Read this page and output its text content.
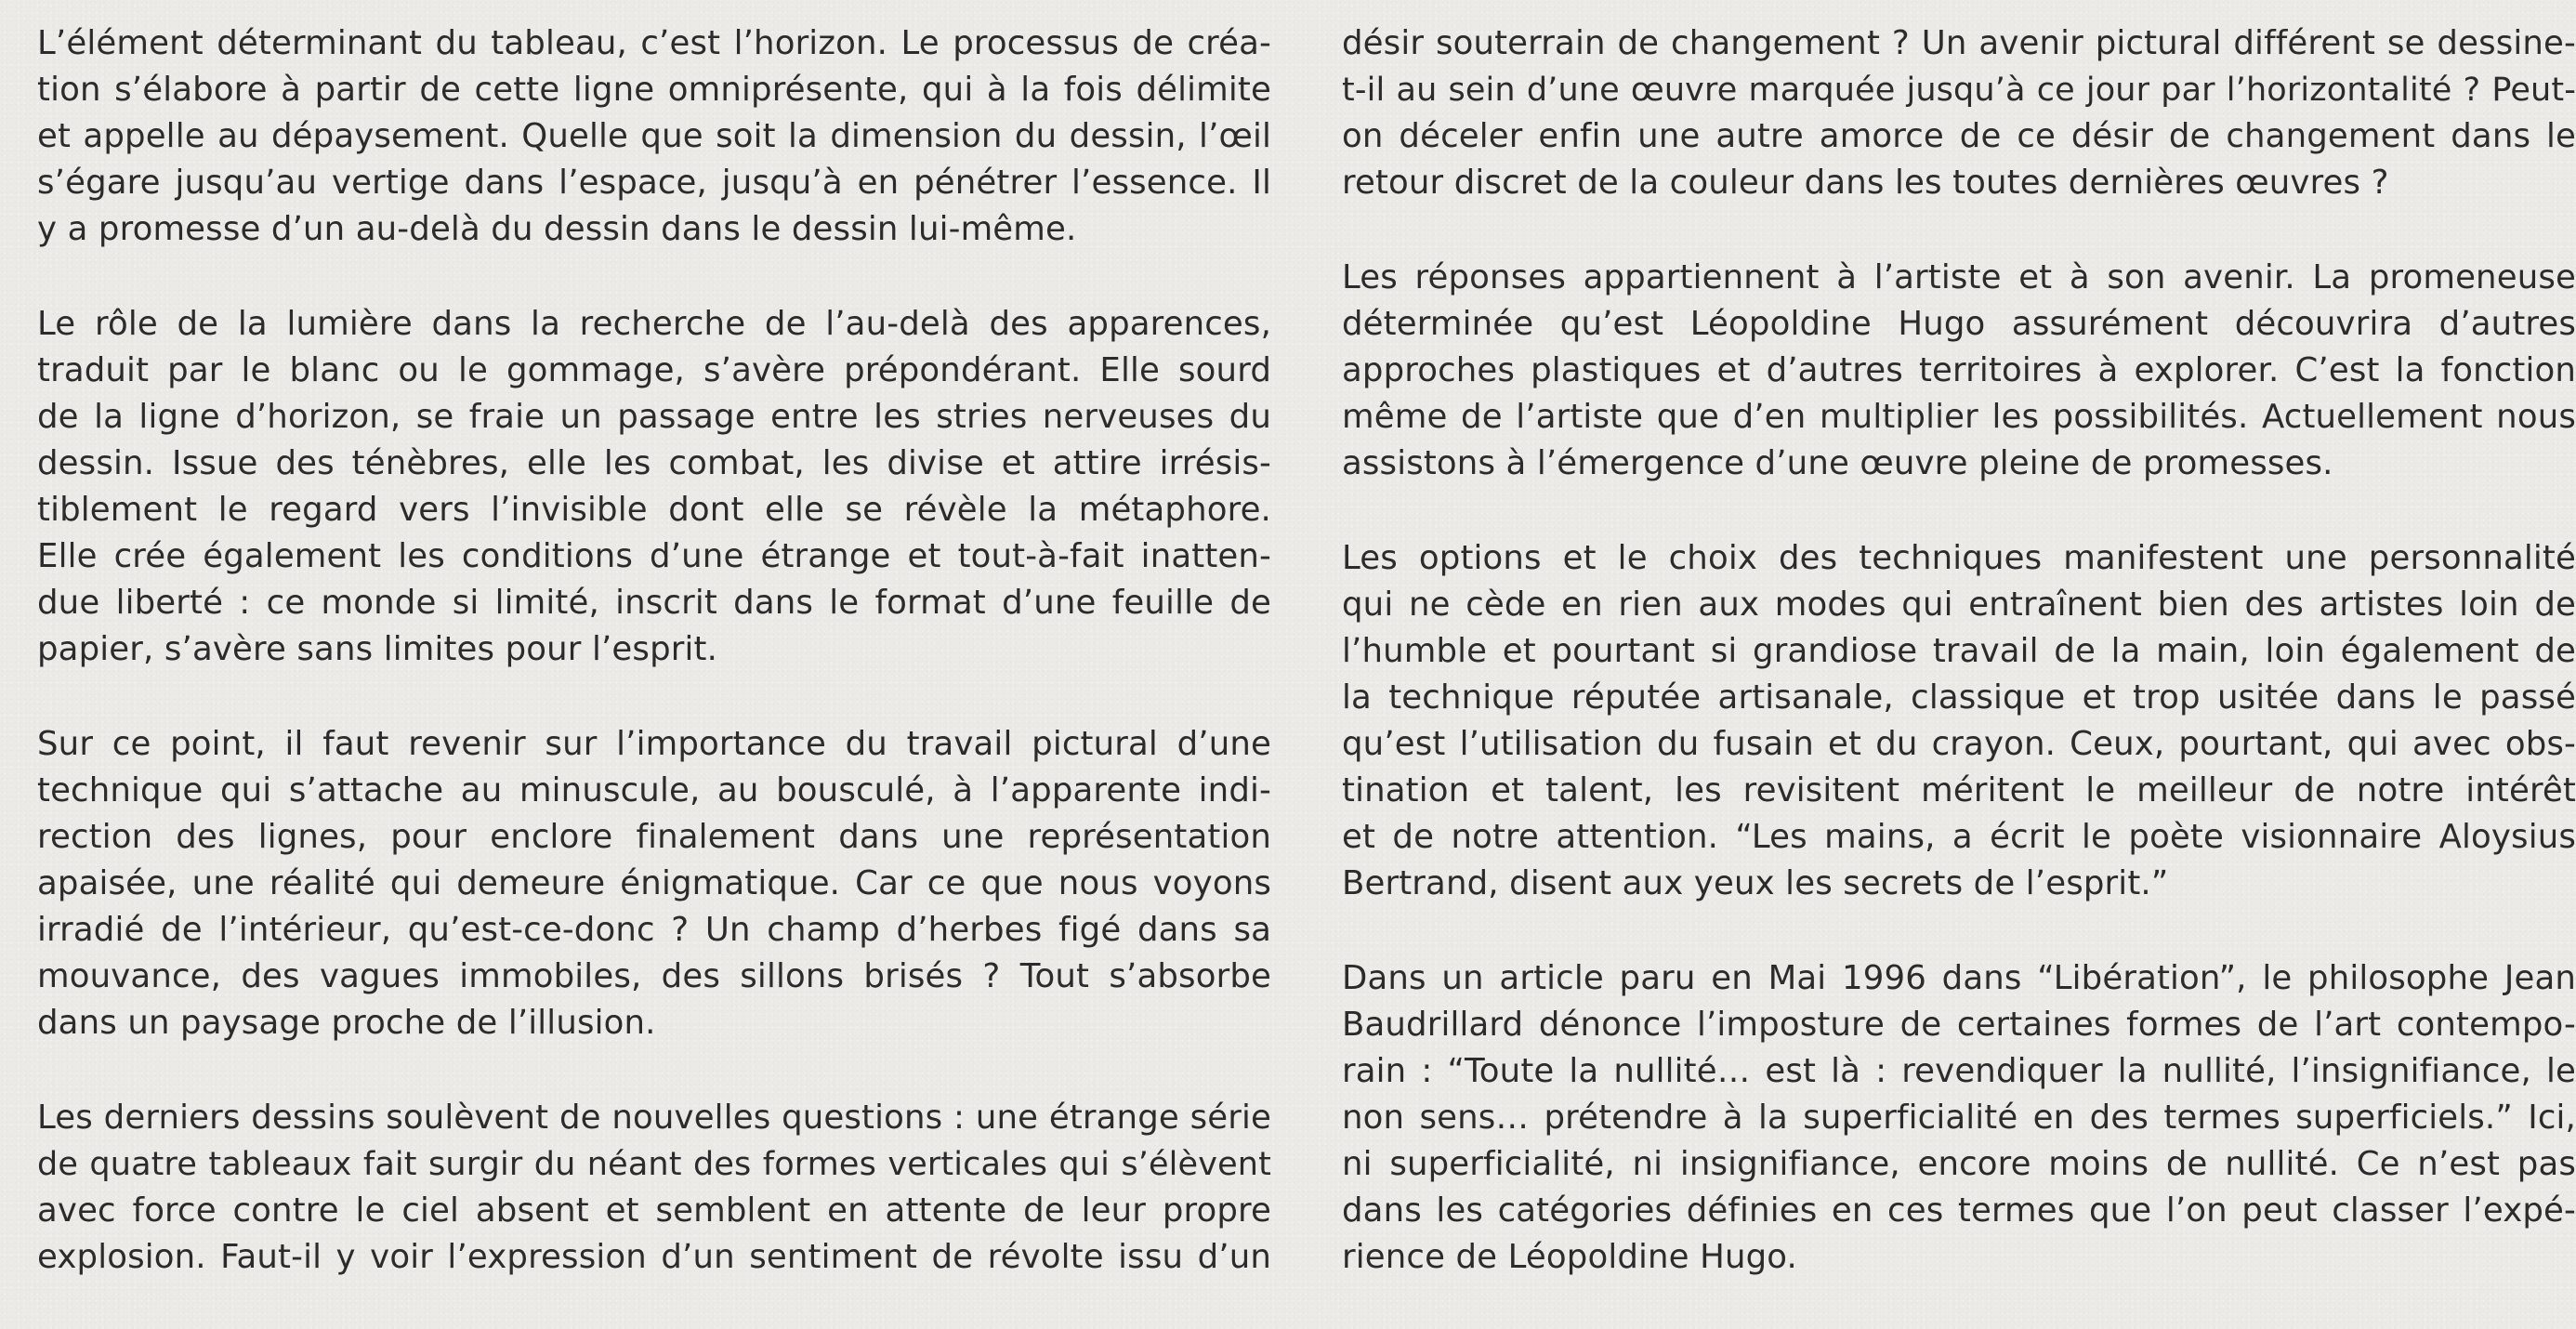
L’élément déterminant du tableau, c’est l’horizon. Le processus de créa-
tion s’élabore à partir de cette ligne omniprésente, qui à la fois délimite
et appelle au dépaysement. Quelle que soit la dimension du dessin, l’œil
s’égare jusqu’au vertige dans l’espace, jusqu’à en pénétrer l’essence. Il
y a promesse d’un au-delà du dessin dans le dessin lui-même.
Le rôle de la lumière dans la recherche de l’au-delà des apparences,
traduit par le blanc ou le gommage, s’avère prépondérant. Elle sourd
de la ligne d’horizon, se fraie un passage entre les stries nerveuses du
dessin. Issue des ténèbres, elle les combat, les divise et attire irrésis-
tiblement le regard vers l’invisible dont elle se révèle la métaphore.
Elle crée également les conditions d’une étrange et tout-à-fait inatten-
due liberté : ce monde si limité, inscrit dans le format d’une feuille de
papier, s’avère sans limites pour l’esprit.
Sur ce point, il faut revenir sur l’importance du travail pictural d’une
technique qui s’attache au minuscule, au bousculé, à l’apparente indi-
rection des lignes, pour enclore finalement dans une représentation
apaisée, une réalité qui demeure énigmatique. Car ce que nous voyons
irradié de l’intérieur, qu’est-ce-donc ? Un champ d’herbes figé dans sa
mouvance, des vagues immobiles, des sillons brisés ? Tout s’absorbe
dans un paysage proche de l’illusion.
Les derniers dessins soulèvent de nouvelles questions : une étrange série
de quatre tableaux fait surgir du néant des formes verticales qui s’élèvent
avec force contre le ciel absent et semblent en attente de leur propre
explosion. Faut-il y voir l’expression d’un sentiment de révolte issu d’un
désir souterrain de changement ? Un avenir pictural différent se dessine-
t-il au sein d’une œuvre marquée jusqu’à ce jour par l’horizontalité ? Peut-
on déceler enfin une autre amorce de ce désir de changement dans le
retour discret de la couleur dans les toutes dernières œuvres ?
Les réponses appartiennent à l’artiste et à son avenir. La promeneuse
déterminée qu’est Léopoldine Hugo assurément découvrira d’autres
approches plastiques et d’autres territoires à explorer. C’est la fonction
même de l’artiste que d’en multiplier les possibilités. Actuellement nous
assistons à l’émergence d’une œuvre pleine de promesses.
Les options et le choix des techniques manifestent une personnalité
qui ne cède en rien aux modes qui entraînent bien des artistes loin de
l’humble et pourtant si grandiose travail de la main, loin également de
la technique réputée artisanale, classique et trop usitée dans le passé
qu’est l’utilisation du fusain et du crayon. Ceux, pourtant, qui avec obs-
tination et talent, les revisitent méritent le meilleur de notre intérêt
et de notre attention. “Les mains, a écrit le poète visionnaire Aloysius
Bertrand, disent aux yeux les secrets de l’esprit.”
Dans un article paru en Mai 1996 dans “Libération”, le philosophe Jean
Baudrillard dénonce l’imposture de certaines formes de l’art contempo-
rain : “Toute la nullité… est là : revendiquer la nullité, l’insignifiance, le
non sens… prétendre à la superficialité en des termes superficiels.” Ici,
ni superficialité, ni insignifiance, encore moins de nullité. Ce n’est pas
dans les catégories définies en ces termes que l’on peut classer l’expé-
rience de Léopoldine Hugo.
